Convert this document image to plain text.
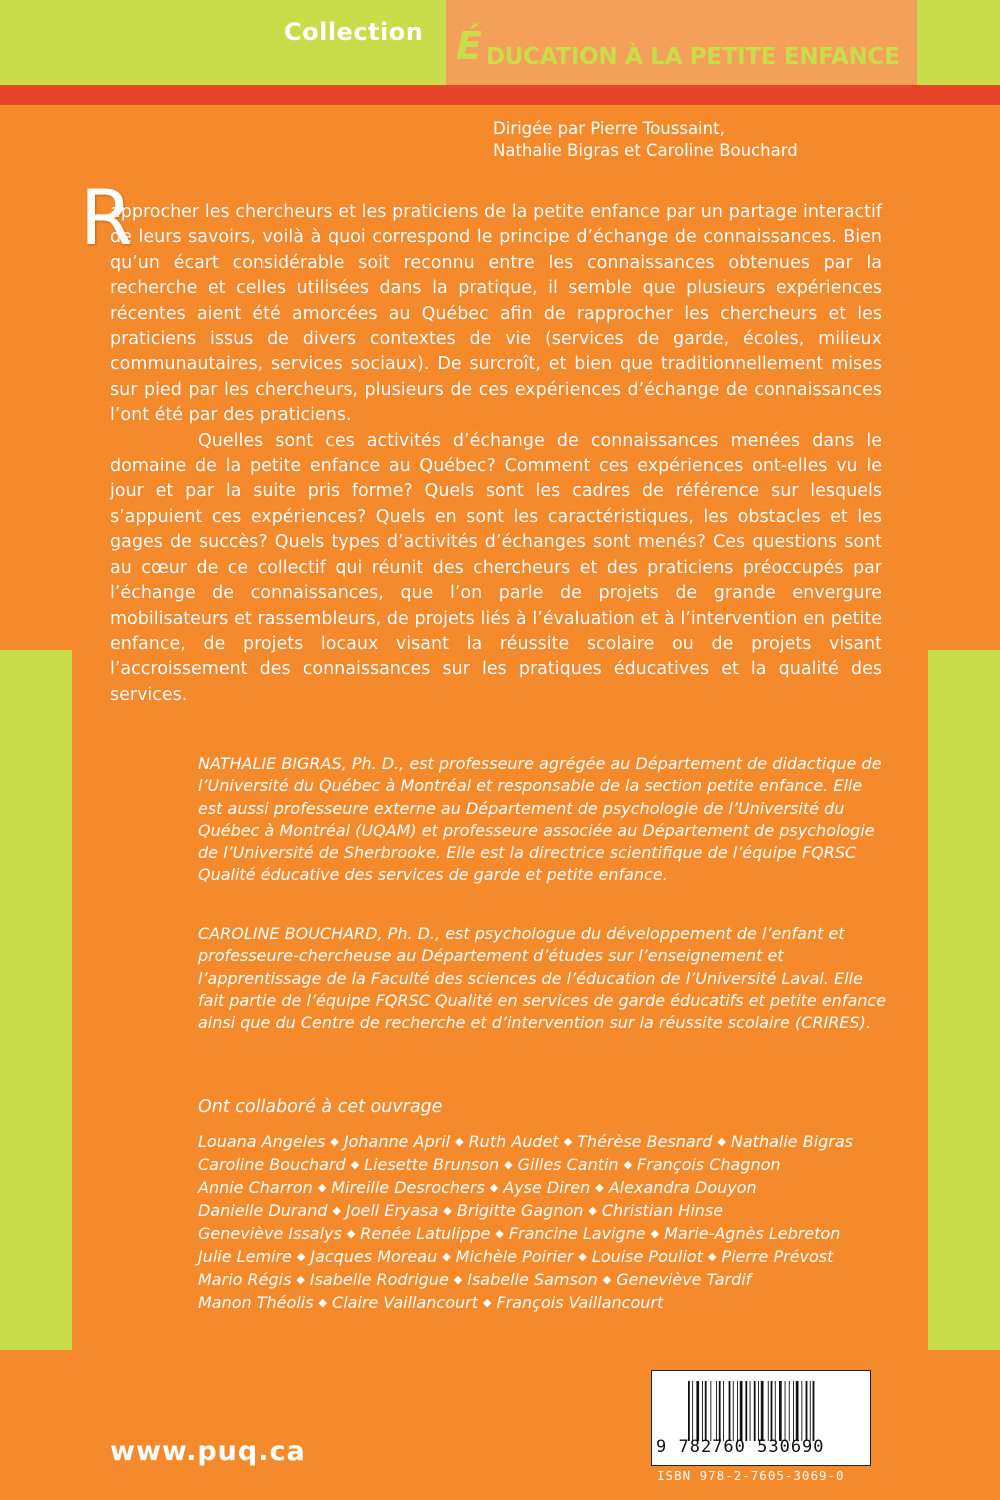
Collection É DUCATION À LA PETITE ENFANCE
Dirigée par Pierre Toussaint,
Nathalie Bigras et Caroline Bouchard
R

approcher les chercheurs et les praticiens de la petite enfance par un partage interactif de leurs savoirs, voilà à quoi correspond le principe d’échange de connaissances. Bien qu’un écart considérable soit reconnu entre les connaissances obtenues par la recherche et celles utilisées dans la pratique, il semble que plusieurs expériences récentes aient été amorcées au Québec afin de rapprocher les chercheurs et les praticiens issus de divers contextes de vie (services de garde, écoles, milieux communautaires, services sociaux). De surcroît, et bien que traditionnellement mises sur pied par les chercheurs, plusieurs de ces expériences d’échange de connaissances l’ont été par des praticiens.

Quelles sont ces activités d’échange de connaissances menées dans le domaine de la petite enfance au Québec? Comment ces expériences ont-elles vu le jour et par la suite pris forme? Quels sont les cadres de référence sur lesquels s’appuient ces expériences? Quels en sont les caractéristiques, les obstacles et les gages de succès? Quels types d’activités d’échanges sont menés? Ces questions sont au cœur de ce collectif qui réunit des chercheurs et des praticiens préoccupés par l’échange de connaissances, que l’on parle de projets de grande envergure mobilisateurs et rassembleurs, de projets liés à l’évaluation et à l’intervention en petite enfance, de projets locaux visant la réussite scolaire ou de projets visant l’accroissement des connaissances sur les pratiques éducatives et la qualité des services.

NATHALIE BIGRAS, Ph. D., est professeure agrégée au Département de didactique de l’Université du Québec à Montréal et responsable de la section petite enfance. Elle est aussi professeure externe au Département de psychologie de l’Université du Québec à Montréal (UQAM) et professeure associée au Département de psychologie de l’Université de Sherbrooke. Elle est la directrice scientifique de l’équipe FQRSC Qualité éducative des services de garde et petite enfance.
CAROLINE BOUCHARD, Ph. D., est psychologue du développement de l’enfant et professeure-chercheuse au Département d’études sur l’enseignement et l’apprentissage de la Faculté des sciences de l’éducation de l’Université Laval. Elle fait partie de l’équipe FQRSC Qualité en services de garde éducatifs et petite enfance ainsi que du Centre de recherche et d’intervention sur la réussite scolaire (CRIRES).
Ont collaboré à cet ouvrage
Louana Angeles ◆ Johanne April ◆ Ruth Audet ◆ Thérèse Besnard ◆ Nathalie Bigras
Caroline Bouchard ◆ Liesette Brunson ◆ Gilles Cantin ◆ François Chagnon
Annie Charron ◆ Mireille Desrochers ◆ Ayse Diren ◆ Alexandra Douyon
Danielle Durand ◆ Joell Eryasa ◆ Brigitte Gagnon ◆ Christian Hinse
Geneviève Issalys ◆ Renée Latulippe ◆ Francine Lavigne ◆ Marie-Agnès Lebreton
Julie Lemire ◆ Jacques Moreau ◆ Michèle Poirier ◆ Louise Pouliot ◆ Pierre Prévost
Mario Régis ◆ Isabelle Rodrigue ◆ Isabelle Samson ◆ Geneviève Tardif
Manon Théolis ◆ Claire Vaillancourt ◆ François Vaillancourt
9 782760 530690
ISBN 978-2-7605-3069-0
www.puq.ca
